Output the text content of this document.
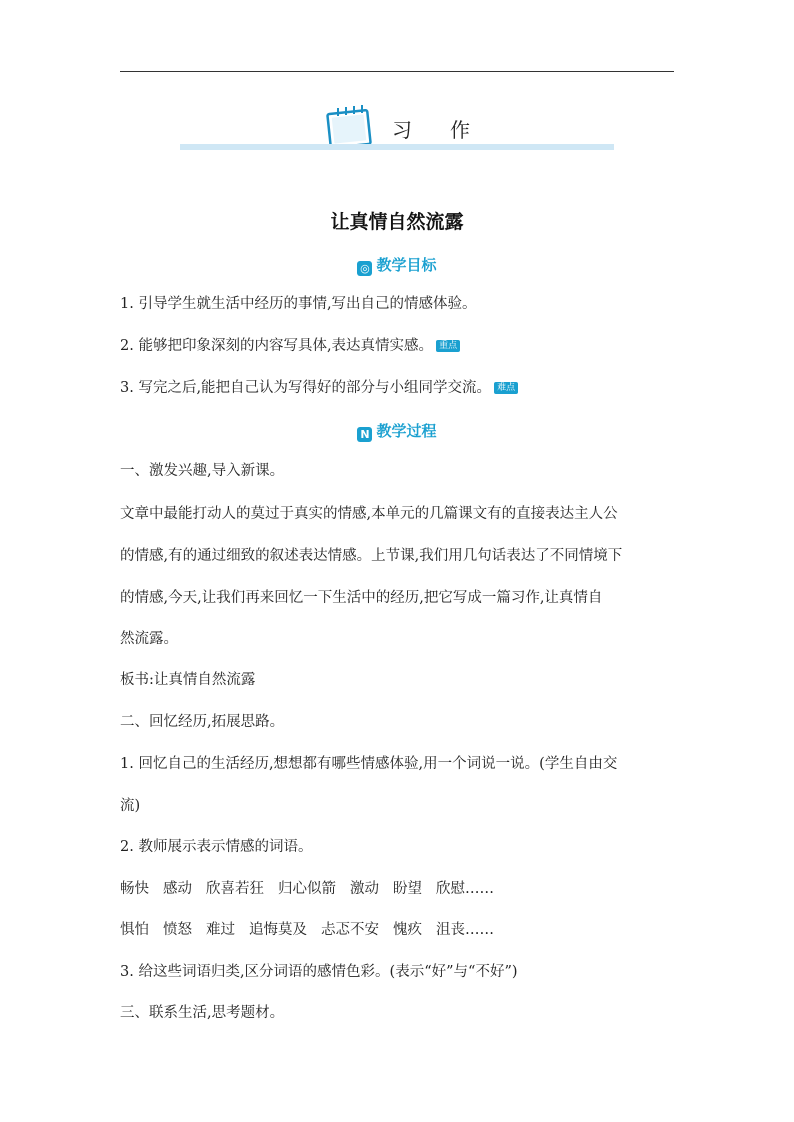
习作
让真情自然流露
◎ 教学目标
1. 引导学生就生活中经历的事情,写出自己的情感体验。
2. 能够把印象深刻的内容写具体,表达真情实感。 重点
3. 写完之后,能把自己认为写得好的部分与小组同学交流。 难点
N 教学过程
一、激发兴趣,导入新课。
文章中最能打动人的莫过于真实的情感,本单元的几篇课文有的直接表达主人公
的情感,有的通过细致的叙述表达情感。上节课,我们用几句话表达了不同情境下
的情感,今天,让我们再来回忆一下生活中的经历,把它写成一篇习作,让真情自
然流露。
板书:让真情自然流露
二、回忆经历,拓展思路。
1. 回忆自己的生活经历,想想都有哪些情感体验,用一个词说一说。(学生自由交
流)
2. 教师展示表示情感的词语。
畅快 感动 欣喜若狂 归心似箭 激动 盼望 欣慰……
惧怕 愤怒 难过 追悔莫及 忐忑不安 愧疚 沮丧……
3. 给这些词语归类,区分词语的感情色彩。(表示“好”与“不好”)
三、联系生活,思考题材。
